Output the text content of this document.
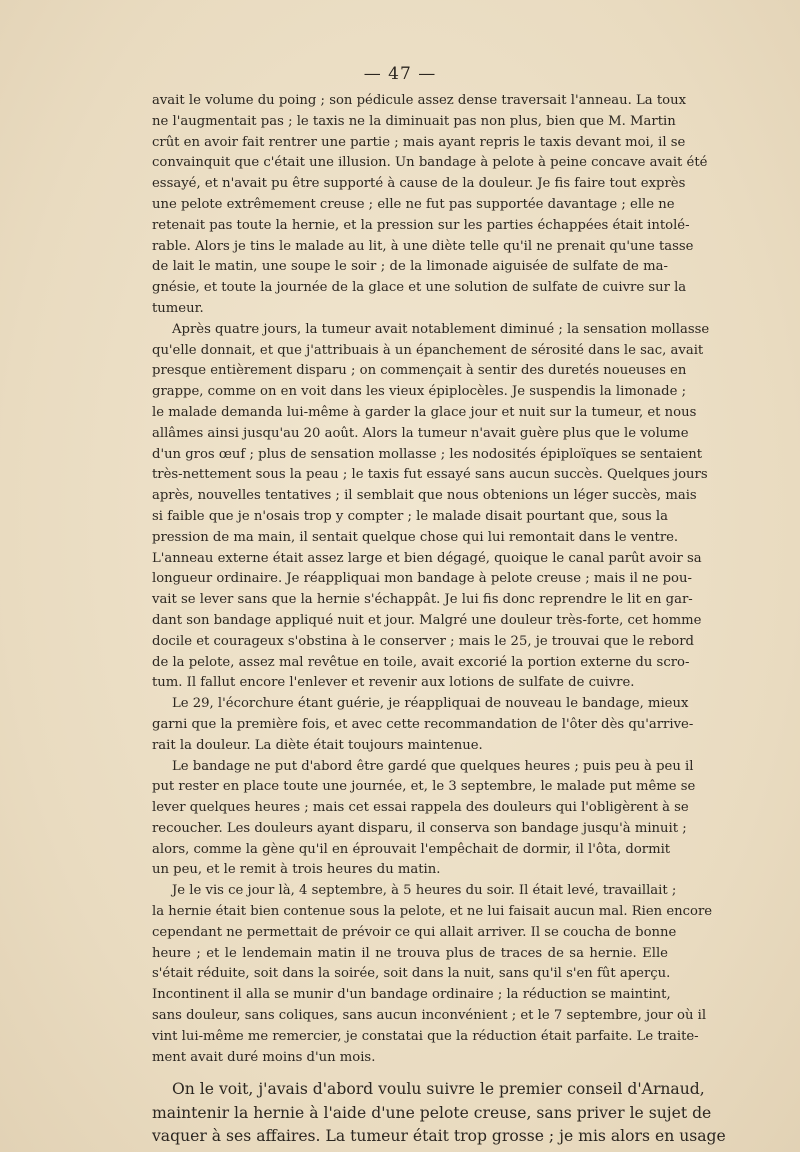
— 47 —
avait le volume du poing ; son pédicule assez dense traversait l'anneau. La toux
ne l'augmentait pas ; le taxis ne la diminuait pas non plus, bien que M. Martin
crût en avoir fait rentrer une partie ; mais ayant repris le taxis devant moi, il se
convainquit que c'était une illusion. Un bandage à pelote à peine concave avait été
essayé, et n'avait pu être supporté à cause de la douleur. Je fis faire tout exprès
une pelote extrêmement creuse ; elle ne fut pas supportée davantage ; elle ne
retenait pas toute la hernie, et la pression sur les parties échappées était intolé-
rable. Alors je tins le malade au lit, à une diète telle qu'il ne prenait qu'une tasse
de lait le matin, une soupe le soir ; de la limonade aiguisée de sulfate de ma-
gnésie, et toute la journée de la glace et une solution de sulfate de cuivre sur la
tumeur.
Après quatre jours, la tumeur avait notablement diminué ; la sensation mollasse
qu'elle donnait, et que j'attribuais à un épanchement de sérosité dans le sac, avait
presque entièrement disparu ; on commençait à sentir des duretés noueuses en
grappe, comme on en voit dans les vieux épiplocèles. Je suspendis la limonade ;
le malade demanda lui-même à garder la glace jour et nuit sur la tumeur, et nous
allâmes ainsi jusqu'au 20 août. Alors la tumeur n'avait guère plus que le volume
d'un gros œuf ; plus de sensation mollasse ; les nodosités épiploïques se sentaient
très-nettement sous la peau ; le taxis fut essayé sans aucun succès. Quelques jours
après, nouvelles tentatives ; il semblait que nous obtenions un léger succès, mais
si faible que je n'osais trop y compter ; le malade disait pourtant que, sous la
pression de ma main, il sentait quelque chose qui lui remontait dans le ventre.
L'anneau externe était assez large et bien dégagé, quoique le canal parût avoir sa
longueur ordinaire. Je réappliquai mon bandage à pelote creuse ; mais il ne pou-
vait se lever sans que la hernie s'échappât. Je lui fis donc reprendre le lit en gar-
dant son bandage appliqué nuit et jour. Malgré une douleur très-forte, cet homme
docile et courageux s'obstina à le conserver ; mais le 25, je trouvai que le rebord
de la pelote, assez mal revêtue en toile, avait excorié la portion externe du scro-
tum. Il fallut encore l'enlever et revenir aux lotions de sulfate de cuivre.
Le 29, l'écorchure étant guérie, je réappliquai de nouveau le bandage, mieux
garni que la première fois, et avec cette recommandation de l'ôter dès qu'arrive-
rait la douleur. La diète était toujours maintenue.
Le bandage ne put d'abord être gardé que quelques heures ; puis peu à peu il
put rester en place toute une journée, et, le 3 septembre, le malade put même se
lever quelques heures ; mais cet essai rappela des douleurs qui l'obligèrent à se
recoucher. Les douleurs ayant disparu, il conserva son bandage jusqu'à minuit ;
alors, comme la gène qu'il en éprouvait l'empêchait de dormir, il l'ôta, dormit
un peu, et le remit à trois heures du matin.
Je le vis ce jour là, 4 septembre, à 5 heures du soir. Il était levé, travaillait ;
la hernie était bien contenue sous la pelote, et ne lui faisait aucun mal. Rien encore
cependant ne permettait de prévoir ce qui allait arriver. Il se coucha de bonne
heure ; et le lendemain matin il ne trouva plus de traces de sa hernie. Elle
s'était réduite, soit dans la soirée, soit dans la nuit, sans qu'il s'en fût aperçu.
Incontinent il alla se munir d'un bandage ordinaire ; la réduction se maintint,
sans douleur, sans coliques, sans aucun inconvénient ; et le 7 septembre, jour où il
vint lui-même me remercier, je constatai que la réduction était parfaite. Le traite-
ment avait duré moins d'un mois.
On le voit, j'avais d'abord voulu suivre le premier conseil d'Arnaud,
maintenir la hernie à l'aide d'une pelote creuse, sans priver le sujet de
vaquer à ses affaires. La tumeur était trop grosse ; je mis alors en usage
